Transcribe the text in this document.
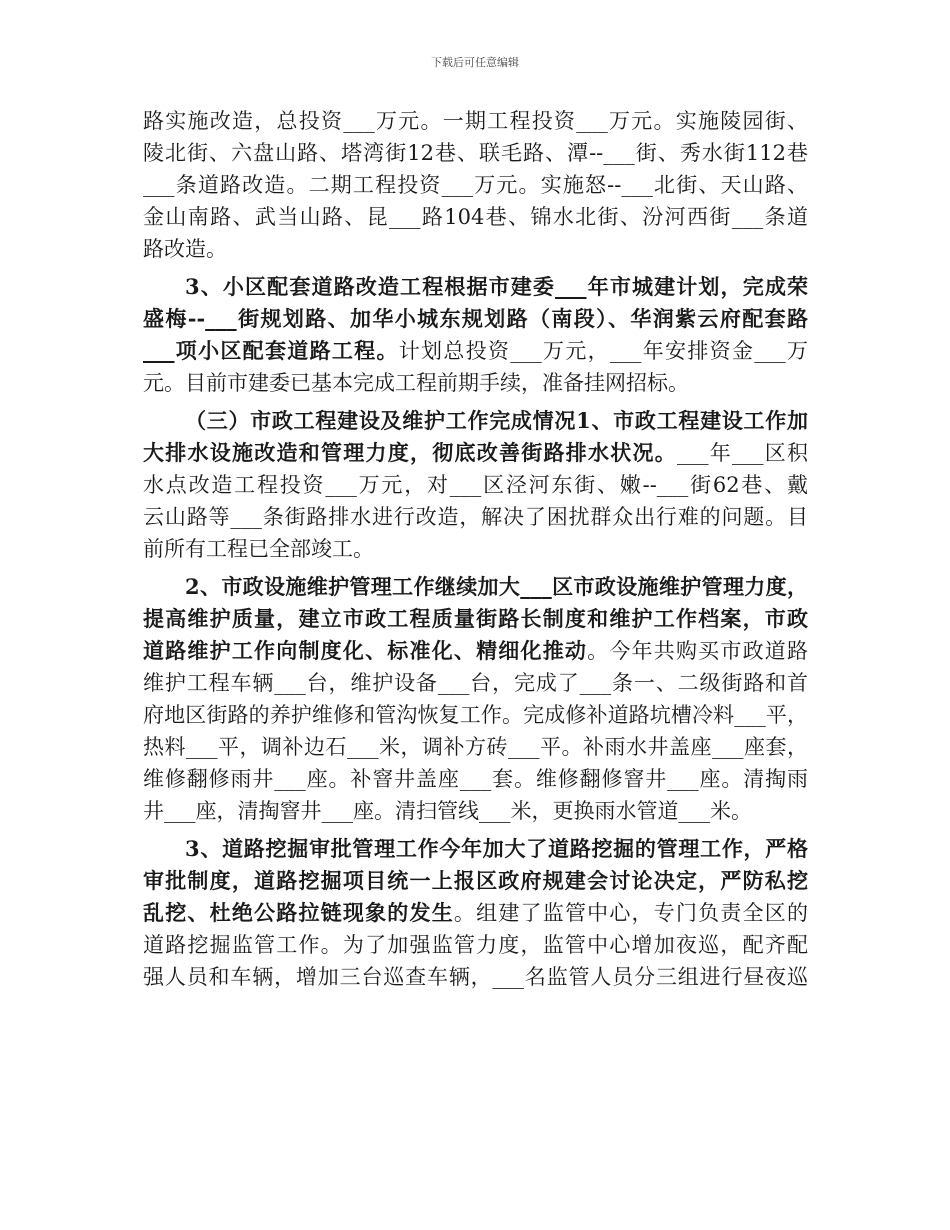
下载后可任意编辑
路实施改造，总投资___万元。一期工程投资___万元。实施陵园街、
陵北街、六盘山路、塔湾街12巷、联毛路、潭--___街、秀水街112巷
___条道路改造。二期工程投资___万元。实施怒--___北街、天山路、
金山南路、武当山路、昆___路104巷、锦水北街、汾河西街___条道
路改造。
3、小区配套道路改造工程根据市建委___年市城建计划，完成荣
盛梅--___街规划路、加华小城东规划路（南段）、华润紫云府配套路
___项小区配套道路工程。计划总投资___万元，___年安排资金___万
元。目前市建委已基本完成工程前期手续，准备挂网招标。
（三）市政工程建设及维护工作完成情况1、市政工程建设工作加
大排水设施改造和管理力度，彻底改善街路排水状况。___年___区积
水点改造工程投资___万元，对___区泾河东街、嫩--___街62巷、戴
云山路等___条街路排水进行改造，解决了困扰群众出行难的问题。目
前所有工程已全部竣工。
2、市政设施维护管理工作继续加大___区市政设施维护管理力度，
提高维护质量，建立市政工程质量街路长制度和维护工作档案，市政
道路维护工作向制度化、标准化、精细化推动。今年共购买市政道路
维护工程车辆___台，维护设备___台，完成了___条一、二级街路和首
府地区街路的养护维修和管沟恢复工作。完成修补道路坑槽冷料___平，
热料___平，调补边石___米，调补方砖___平。补雨水井盖座___座套，
维修翻修雨井___座。补窨井盖座___套。维修翻修窨井___座。清掏雨
井___座，清掏窨井___座。清扫管线___米，更换雨水管道___米。
3、道路挖掘审批管理工作今年加大了道路挖掘的管理工作，严格
审批制度，道路挖掘项目统一上报区政府规建会讨论决定，严防私挖
乱挖、杜绝公路拉链现象的发生。组建了监管中心，专门负责全区的
道路挖掘监管工作。为了加强监管力度，监管中心增加夜巡，配齐配
强人员和车辆，增加三台巡查车辆，___名监管人员分三组进行昼夜巡
